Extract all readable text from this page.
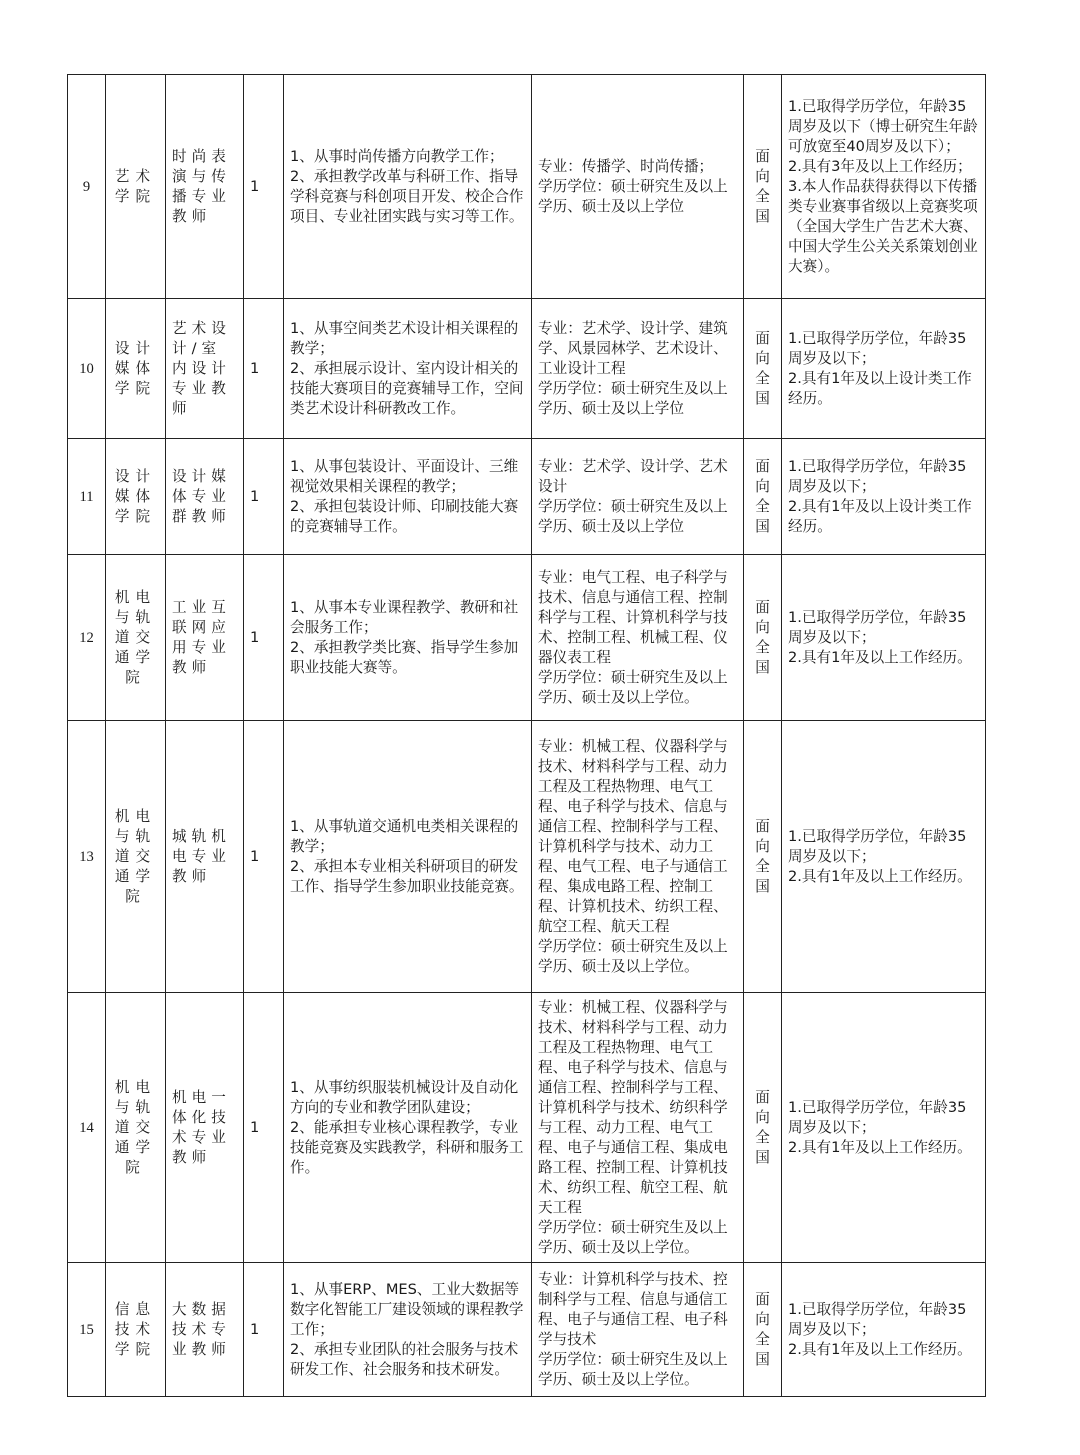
9	艺术学院	时尚表演与传播专业教师	1	1、从事时尚传播方向教学工作；
2、承担教学改革与科研工作、指导学科竞赛与科创项目开发、校企合作项目、专业社团实践与实习等工作。	专业：传播学、时尚传播；
学历学位：硕士研究生及以上学历、硕士及以上学位	面向全国	1.已取得学历学位，年龄35周岁及以下（博士研究生年龄可放宽至40周岁及以下）；
2.具有3年及以上工作经历；
3.本人作品获得获得以下传播类专业赛事省级以上竞赛奖项（全国大学生广告艺术大赛、中国大学生公关关系策划创业大赛）。

10	设计媒体学院	艺术设计/室内设计专业教师	1	1、从事空间类艺术设计相关课程的教学；
2、承担展示设计、室内设计相关的技能大赛项目的竞赛辅导工作，空间类艺术设计科研教改工作。	专业：艺术学、设计学、建筑学、风景园林学、艺术设计、工业设计工程
学历学位：硕士研究生及以上学历、硕士及以上学位	面向全国	1.已取得学历学位，年龄35周岁及以下；
2.具有1年及以上设计类工作经历。

11	设计媒体学院	设计媒体专业群教师	1	1、从事包装设计、平面设计、三维视觉效果相关课程的教学；
2、承担包装设计师、印刷技能大赛的竞赛辅导工作。	专业：艺术学、设计学、艺术设计
学历学位：硕士研究生及以上学历、硕士及以上学位	面向全国	1.已取得学历学位，年龄35周岁及以下；
2.具有1年及以上设计类工作经历。

12	机电与轨道交通学院	工业互联网应用专业教师	1	1、从事本专业课程教学、教研和社会服务工作；
2、承担教学类比赛、指导学生参加职业技能大赛等。	专业：电气工程、电子科学与技术、信息与通信工程、控制科学与工程、计算机科学与技术、控制工程、机械工程、仪器仪表工程
学历学位：硕士研究生及以上学历、硕士及以上学位。	面向全国	1.已取得学历学位，年龄35周岁及以下；
2.具有1年及以上工作经历。

13	机电与轨道交通学院	城轨机电专业教师	1	1、从事轨道交通机电类相关课程的教学；
2、承担本专业相关科研项目的研发工作、指导学生参加职业技能竞赛。	专业：机械工程、仪器科学与技术、材料科学与工程、动力工程及工程热物理、电气工程、电子科学与技术、信息与通信工程、控制科学与工程、计算机科学与技术、动力工程、电气工程、电子与通信工程、集成电路工程、控制工程、计算机技术、纺织工程、航空工程、航天工程
学历学位：硕士研究生及以上学历、硕士及以上学位。	面向全国	1.已取得学历学位，年龄35周岁及以下；
2.具有1年及以上工作经历。

14	机电与轨道交通学院	机电一体化技术专业教师	1	1、从事纺织服装机械设计及自动化方向的专业和教学团队建设；
2、能承担专业核心课程教学，专业技能竞赛及实践教学，科研和服务工作。	专业：机械工程、仪器科学与技术、材料科学与工程、动力工程及工程热物理、电气工程、电子科学与技术、信息与通信工程、控制科学与工程、计算机科学与技术、纺织科学与工程、动力工程、电气工程、电子与通信工程、集成电路工程、控制工程、计算机技术、纺织工程、航空工程、航天工程
学历学位：硕士研究生及以上学历、硕士及以上学位。	面向全国	1.已取得学历学位，年龄35周岁及以下；
2.具有1年及以上工作经历。

15	信息技术学院	大数据技术专业教师	1	1、从事ERP、MES、工业大数据等数字化智能工厂建设领域的课程教学工作；
2、承担专业团队的社会服务与技术研发工作、社会服务和技术研发。	专业：计算机科学与技术、控制科学与工程、信息与通信工程、电子与通信工程、电子科学与技术
学历学位：硕士研究生及以上学历、硕士及以上学位。	面向全国	1.已取得学历学位，年龄35周岁及以下；
2.具有1年及以上工作经历。
